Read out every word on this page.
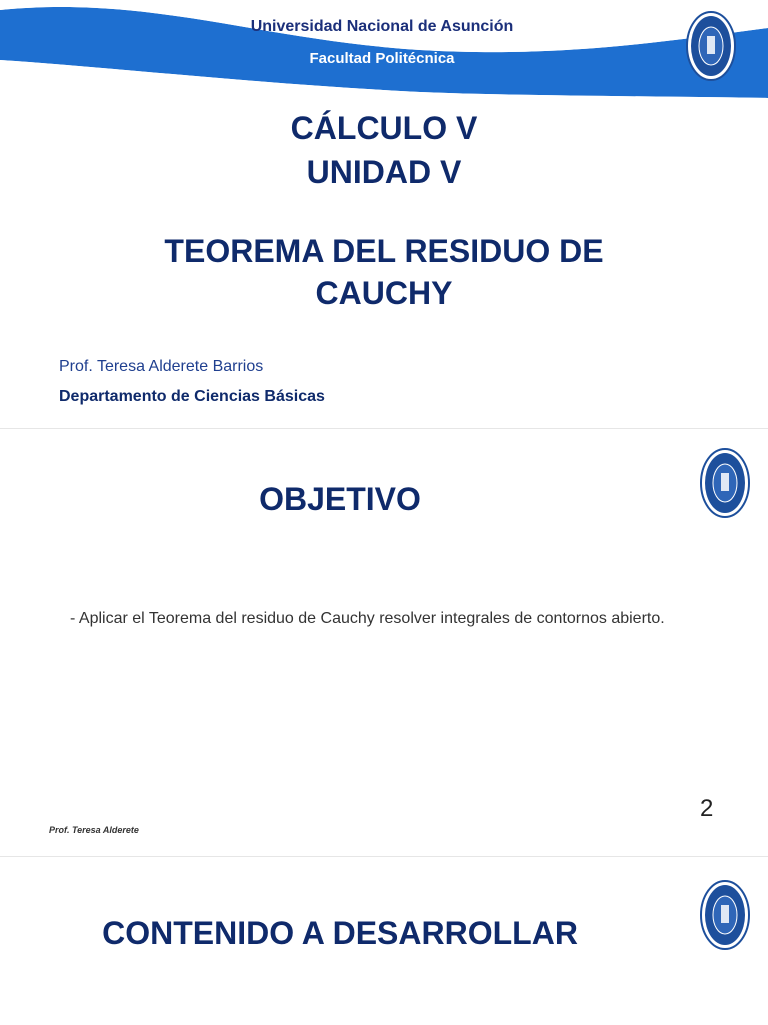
Universidad Nacional de Asunción
Facultad Politécnica
CÁLCULO V
UNIDAD V
TEOREMA DEL RESIDUO DE
CAUCHY
Prof. Teresa Alderete Barrios
Departamento de Ciencias Básicas
OBJETIVO
- Aplicar el Teorema del residuo de Cauchy resolver integrales de contornos abierto.
Prof. Teresa Alderete
2
CONTENIDO A DESARROLLAR
